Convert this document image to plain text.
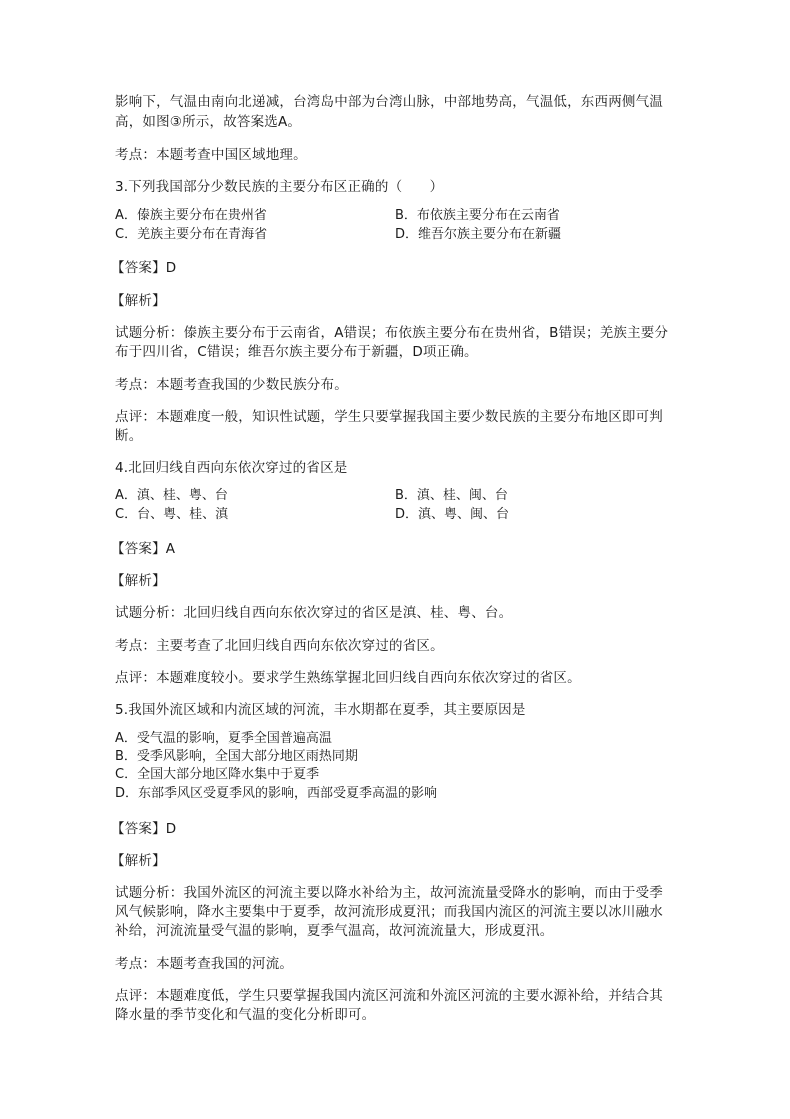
影响下，气温由南向北递减，台湾岛中部为台湾山脉，中部地势高，气温低，东西两侧气温
高，如图③所示，故答案选A。
考点：本题考查中国区域地理。
3.下列我国部分少数民族的主要分布区正确的（　　）
A．傣族主要分布在贵州省	B．布依族主要分布在云南省
C．羌族主要分布在青海省	D．维吾尔族主要分布在新疆
【答案】D
【解析】
试题分析：傣族主要分布于云南省，A错误；布依族主要分布在贵州省，B错误；羌族主要分
布于四川省，C错误；维吾尔族主要分布于新疆，D项正确。
考点：本题考查我国的少数民族分布。
点评：本题难度一般，知识性试题，学生只要掌握我国主要少数民族的主要分布地区即可判
断。
4.北回归线自西向东依次穿过的省区是
A．滇、桂、粤、台	B．滇、桂、闽、台
C．台、粤、桂、滇	D．滇、粤、闽、台
【答案】A
【解析】
试题分析：北回归线自西向东依次穿过的省区是滇、桂、粤、台。
考点：主要考查了北回归线自西向东依次穿过的省区。
点评：本题难度较小。要求学生熟练掌握北回归线自西向东依次穿过的省区。
5.我国外流区域和内流区域的河流，丰水期都在夏季，其主要原因是
A．受气温的影响，夏季全国普遍高温
B．受季风影响，全国大部分地区雨热同期
C．全国大部分地区降水集中于夏季
D．东部季风区受夏季风的影响，西部受夏季高温的影响
【答案】D
【解析】
试题分析：我国外流区的河流主要以降水补给为主，故河流流量受降水的影响，而由于受季
风气候影响，降水主要集中于夏季，故河流形成夏汛；而我国内流区的河流主要以冰川融水
补给，河流流量受气温的影响，夏季气温高，故河流流量大，形成夏汛。
考点：本题考查我国的河流。
点评：本题难度低，学生只要掌握我国内流区河流和外流区河流的主要水源补给，并结合其
降水量的季节变化和气温的变化分析即可。
